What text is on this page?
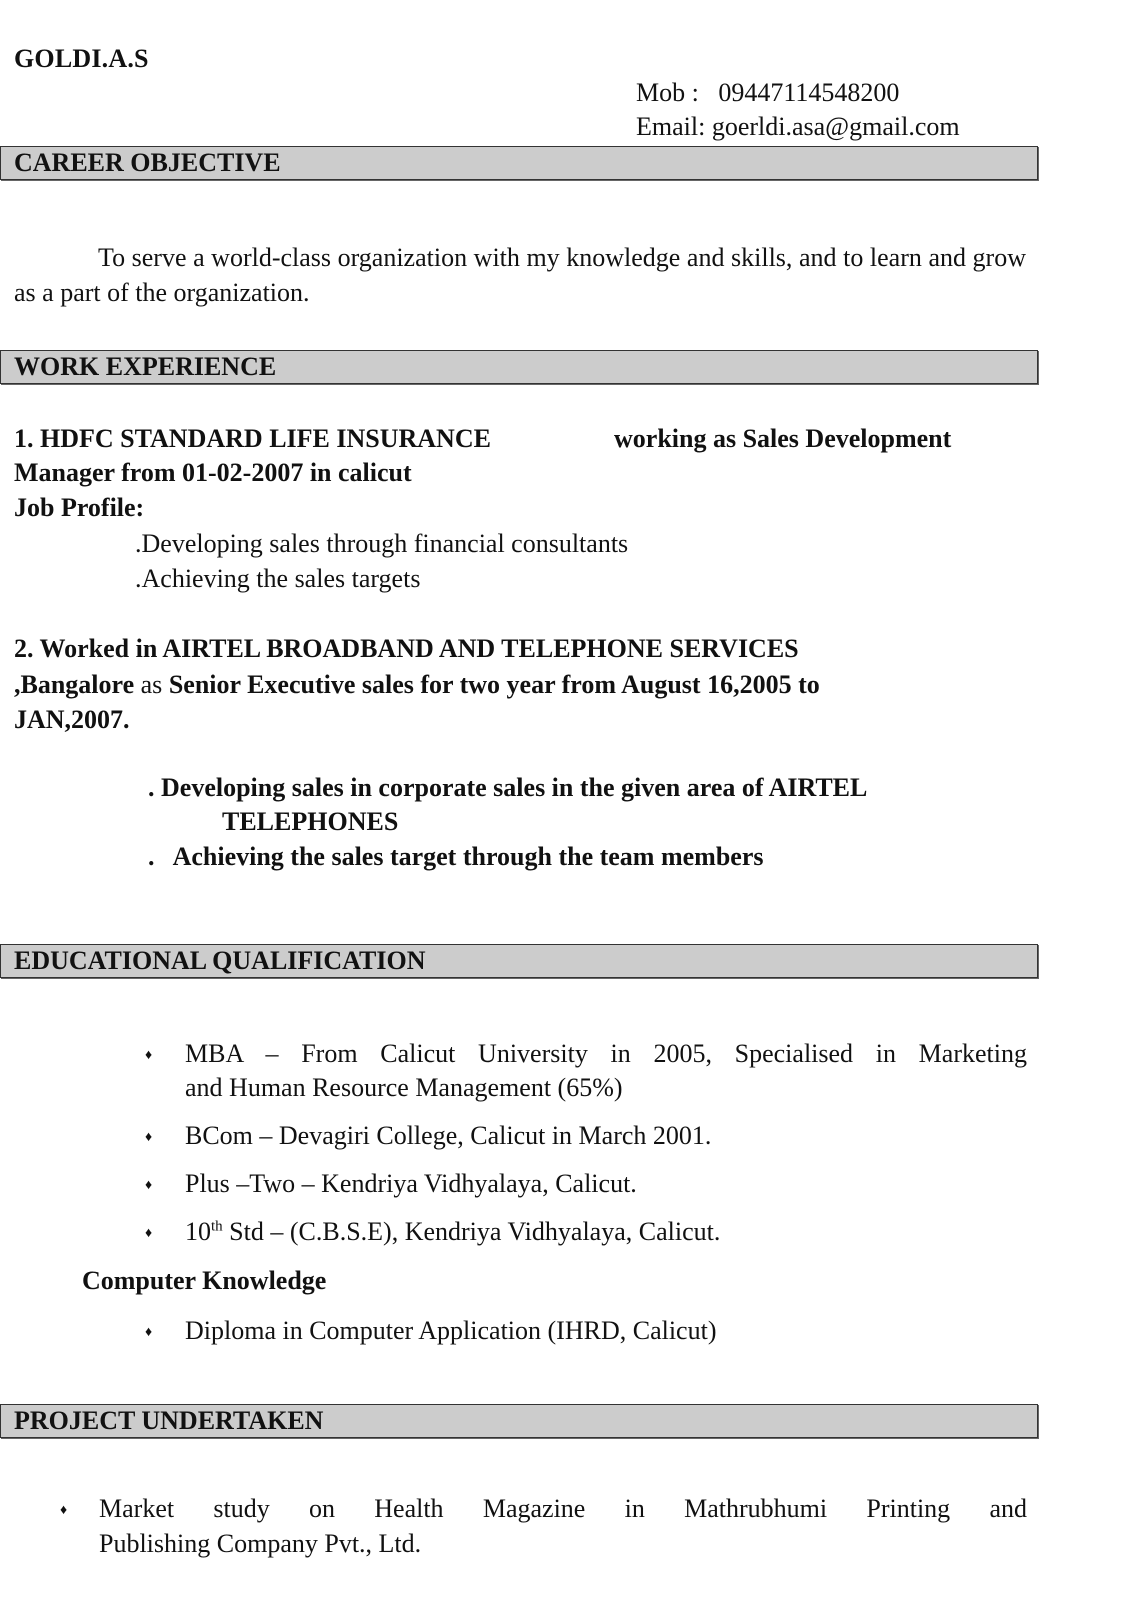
GOLDI.A.S
Mob : 09447114548200
Email: goerldi.asa@gmail.com
CAREER OBJECTIVE
To serve a world-class organization with my knowledge and skills, and to learn and grow as a part of the organization.
WORK EXPERIENCE
1. HDFC STANDARD LIFE INSURANCE	working as Sales Development
Manager from 01-02-2007 in calicut
Job Profile:
.Developing sales through financial consultants
.Achieving the sales targets
2. Worked in AIRTEL BROADBAND AND TELEPHONE SERVICES
,Bangalore as Senior Executive sales for two year from August 16,2005 to
JAN,2007.
. Developing sales in corporate sales in the given area of AIRTEL
TELEPHONES
.   Achieving the sales target through the team members
EDUCATIONAL QUALIFICATION
♦ MBA – From Calicut University in 2005, Specialised in Marketing
and Human Resource Management (65%)
♦ BCom – Devagiri College, Calicut in March 2001.
♦ Plus –Two – Kendriya Vidhyalaya, Calicut.
♦ 10th Std – (C.B.S.E), Kendriya Vidhyalaya, Calicut.
Computer Knowledge
♦ Diploma in Computer Application (IHRD, Calicut)
PROJECT UNDERTAKEN
♦ Market study on Health Magazine in Mathrubhumi Printing and
Publishing Company Pvt., Ltd.
